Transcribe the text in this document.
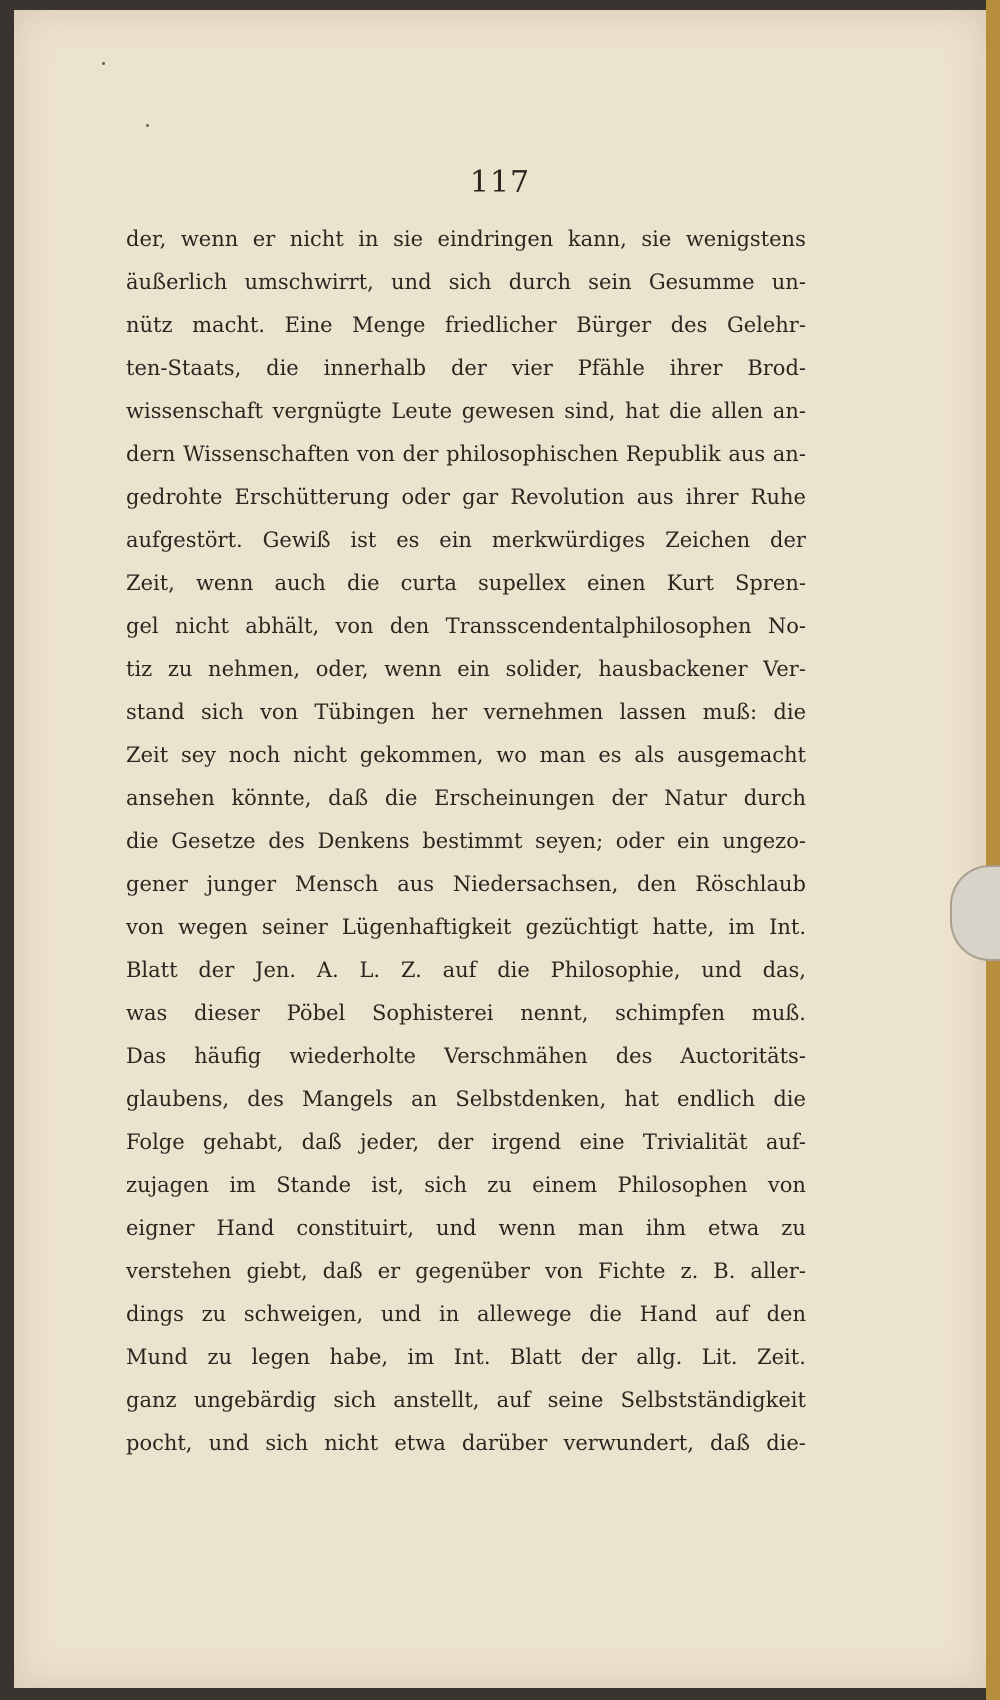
117
der, wenn er nicht in sie eindringen kann, sie wenigstens
äußerlich umschwirrt, und sich durch sein Gesumme un-
nütz macht. Eine Menge friedlicher Bürger des Gelehr-
ten-Staats, die innerhalb der vier Pfähle ihrer Brod-
wissenschaft vergnügte Leute gewesen sind, hat die allen an-
dern Wissenschaften von der philosophischen Republik aus an-
gedrohte Erschütterung oder gar Revolution aus ihrer Ruhe
aufgestört. Gewiß ist es ein merkwürdiges Zeichen der
Zeit, wenn auch die curta supellex einen Kurt Spren-
gel nicht abhält, von den Transscendentalphilosophen No-
tiz zu nehmen, oder, wenn ein solider, hausbackener Ver-
stand sich von Tübingen her vernehmen lassen muß: die
Zeit sey noch nicht gekommen, wo man es als ausgemacht
ansehen könnte, daß die Erscheinungen der Natur durch
die Gesetze des Denkens bestimmt seyen; oder ein ungezo-
gener junger Mensch aus Niedersachsen, den Röschlaub
von wegen seiner Lügenhaftigkeit gezüchtigt hatte, im Int.
Blatt der Jen. A. L. Z. auf die Philosophie, und das,
was dieser Pöbel Sophisterei nennt, schimpfen muß.
Das häufig wiederholte Verschmähen des Auctoritäts-
glaubens, des Mangels an Selbstdenken, hat endlich die
Folge gehabt, daß jeder, der irgend eine Trivialität auf-
zujagen im Stande ist, sich zu einem Philosophen von
eigner Hand constituirt, und wenn man ihm etwa zu
verstehen giebt, daß er gegenüber von Fichte z. B. aller-
dings zu schweigen, und in allewege die Hand auf den
Mund zu legen habe, im Int. Blatt der allg. Lit. Zeit.
ganz ungebärdig sich anstellt, auf seine Selbstständigkeit
pocht, und sich nicht etwa darüber verwundert, daß die-
